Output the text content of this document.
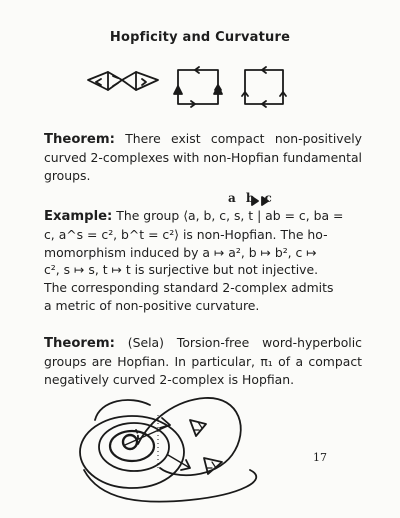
Hopficity and Curvature
Theorem: There exist compact non-positively curved 2-complexes with non-Hopfian fundamental groups.
a b c
Example: The group ⟨a, b, c, s, t | ab = c, ba =
c, a^s = c², b^t = c²⟩ is non-Hopfian. The ho-
momorphism induced by a ↦ a², b ↦ b², c ↦
c², s ↦ s, t ↦ t is surjective but not injective.
The corresponding standard 2-complex admits
a metric of non-positive curvature.
Theorem: (Sela) Torsion-free word-hyperbolic groups are Hopfian. In particular, π₁ of a compact negatively curved 2-complex is Hopfian.
17
